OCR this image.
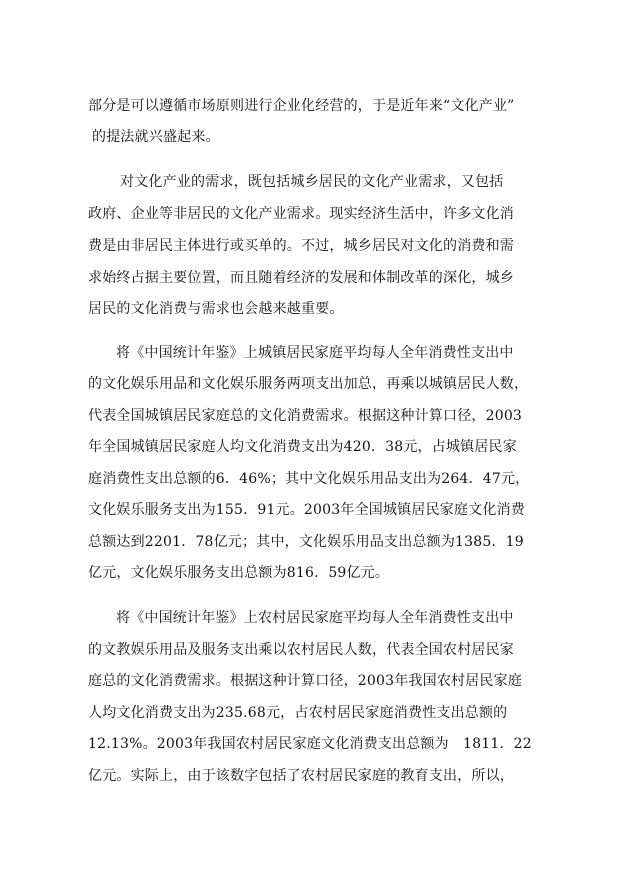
部分是可以遵循市场原则进行企业化经营的，于是近年来“文化产业”

的提法就兴盛起来。

对文化产业的需求，既包括城乡居民的文化产业需求，又包括

政府、企业等非居民的文化产业需求。现实经济生活中，许多文化消

费是由非居民主体进行或买单的。不过，城乡居民对文化的消费和需

求始终占据主要位置，而且随着经济的发展和体制改革的深化，城乡

居民的文化消费与需求也会越来越重要。

将《中国统计年鉴》上城镇居民家庭平均每人全年消费性支出中

的文化娱乐用品和文化娱乐服务两项支出加总，再乘以城镇居民人数，

代表全国城镇居民家庭总的文化消费需求。根据这种计算口径，2003

年全国城镇居民家庭人均文化消费支出为420．38元，占城镇居民家

庭消费性支出总额的6．46%；其中文化娱乐用品支出为264．47元，

文化娱乐服务支出为155．91元。2003年全国城镇居民家庭文化消费

总额达到2201．78亿元；其中，文化娱乐用品支出总额为1385．19

亿元，文化娱乐服务支出总额为816．59亿元。

将《中国统计年鉴》上农村居民家庭平均每人全年消费性支出中

的文教娱乐用品及服务支出乘以农村居民人数，代表全国农村居民家

庭总的文化消费需求。根据这种计算口径，2003年我国农村居民家庭

人均文化消费支出为235.68元，占农村居民家庭消费性支出总额的

12.13%。2003年我国农村居民家庭文化消费支出总额为　1811．22

亿元。实际上，由于该数字包括了农村居民家庭的教育支出，所以，
